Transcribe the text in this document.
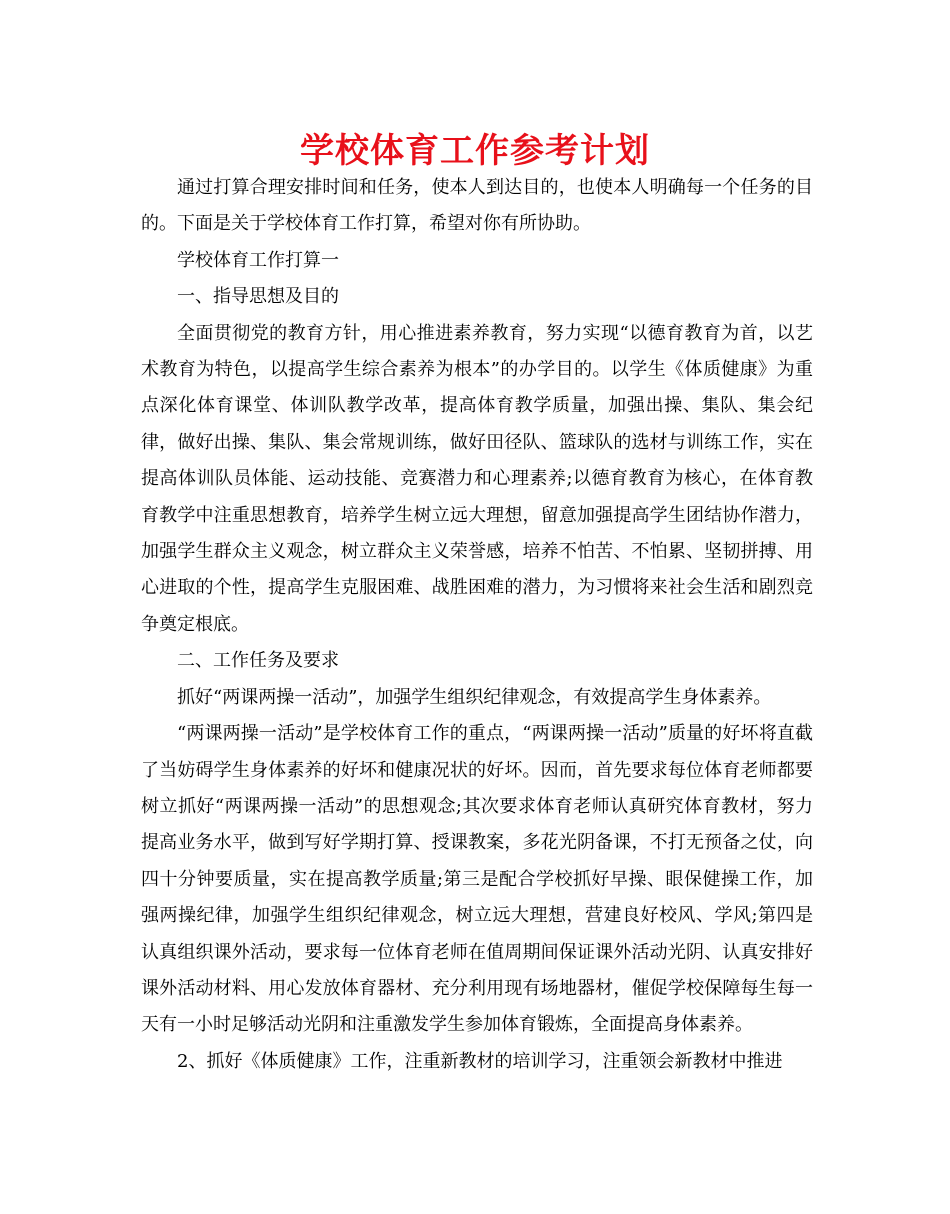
学校体育工作参考计划

通过打算合理安排时间和任务，使本人到达目的，也使本人明确每一个任务的目的。下面是关于学校体育工作打算，希望对你有所协助。

学校体育工作打算一

一、指导思想及目的

全面贯彻党的教育方针，用心推进素养教育，努力实现“以德育教育为首，以艺术教育为特色，以提高学生综合素养为根本”的办学目的。以学生《体质健康》为重点深化体育课堂、体训队教学改革，提高体育教学质量，加强出操、集队、集会纪律，做好出操、集队、集会常规训练，做好田径队、篮球队的选材与训练工作，实在提高体训队员体能、运动技能、竞赛潜力和心理素养;以德育教育为核心，在体育教育教学中注重思想教育，培养学生树立远大理想，留意加强提高学生团结协作潜力，加强学生群众主义观念，树立群众主义荣誉感，培养不怕苦、不怕累、坚韧拼搏、用心进取的个性，提高学生克服困难、战胜困难的潜力，为习惯将来社会生活和剧烈竞争奠定根底。

二、工作任务及要求

抓好“两课两操一活动”，加强学生组织纪律观念，有效提高学生身体素养。

“两课两操一活动”是学校体育工作的重点，“两课两操一活动”质量的好坏将直截了当妨碍学生身体素养的好坏和健康况状的好坏。因而，首先要求每位体育老师都要树立抓好“两课两操一活动”的思想观念;其次要求体育老师认真研究体育教材，努力提高业务水平，做到写好学期打算、授课教案，多花光阴备课，不打无预备之仗，向四十分钟要质量，实在提高教学质量;第三是配合学校抓好早操、眼保健操工作，加强两操纪律，加强学生组织纪律观念，树立远大理想，营建良好校风、学风;第四是认真组织课外活动，要求每一位体育老师在值周期间保证课外活动光阴、认真安排好课外活动材料、用心发放体育器材、充分利用现有场地器材，催促学校保障每生每一天有一小时足够活动光阴和注重激发学生参加体育锻炼，全面提高身体素养。

2、抓好《体质健康》工作，注重新教材的培训学习，注重领会新教材中推进
